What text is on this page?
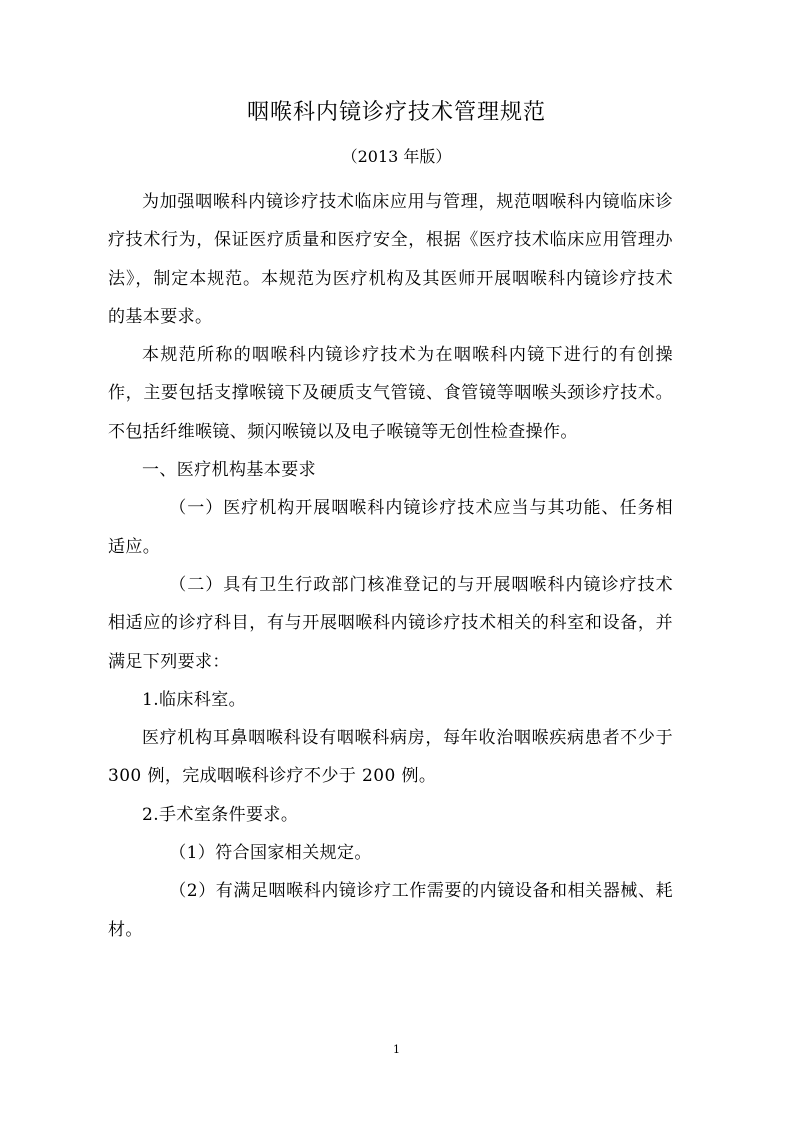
咽喉科内镜诊疗技术管理规范
（2013 年版）

为加强咽喉科内镜诊疗技术临床应用与管理，规范咽喉科内镜临床诊疗技术行为，保证医疗质量和医疗安全，根据《医疗技术临床应用管理办法》，制定本规范。本规范为医疗机构及其医师开展咽喉科内镜诊疗技术的基本要求。

本规范所称的咽喉科内镜诊疗技术为在咽喉科内镜下进行的有创操作，主要包括支撑喉镜下及硬质支气管镜、食管镜等咽喉头颈诊疗技术。不包括纤维喉镜、频闪喉镜以及电子喉镜等无创性检查操作。

一、医疗机构基本要求

（一）医疗机构开展咽喉科内镜诊疗技术应当与其功能、任务相适应。

（二）具有卫生行政部门核准登记的与开展咽喉科内镜诊疗技术相适应的诊疗科目，有与开展咽喉科内镜诊疗技术相关的科室和设备，并满足下列要求：

1.临床科室。

医疗机构耳鼻咽喉科设有咽喉科病房，每年收治咽喉疾病患者不少于 300 例，完成咽喉科诊疗不少于 200 例。

2.手术室条件要求。

（1）符合国家相关规定。

（2）有满足咽喉科内镜诊疗工作需要的内镜设备和相关器械、耗材。

1
